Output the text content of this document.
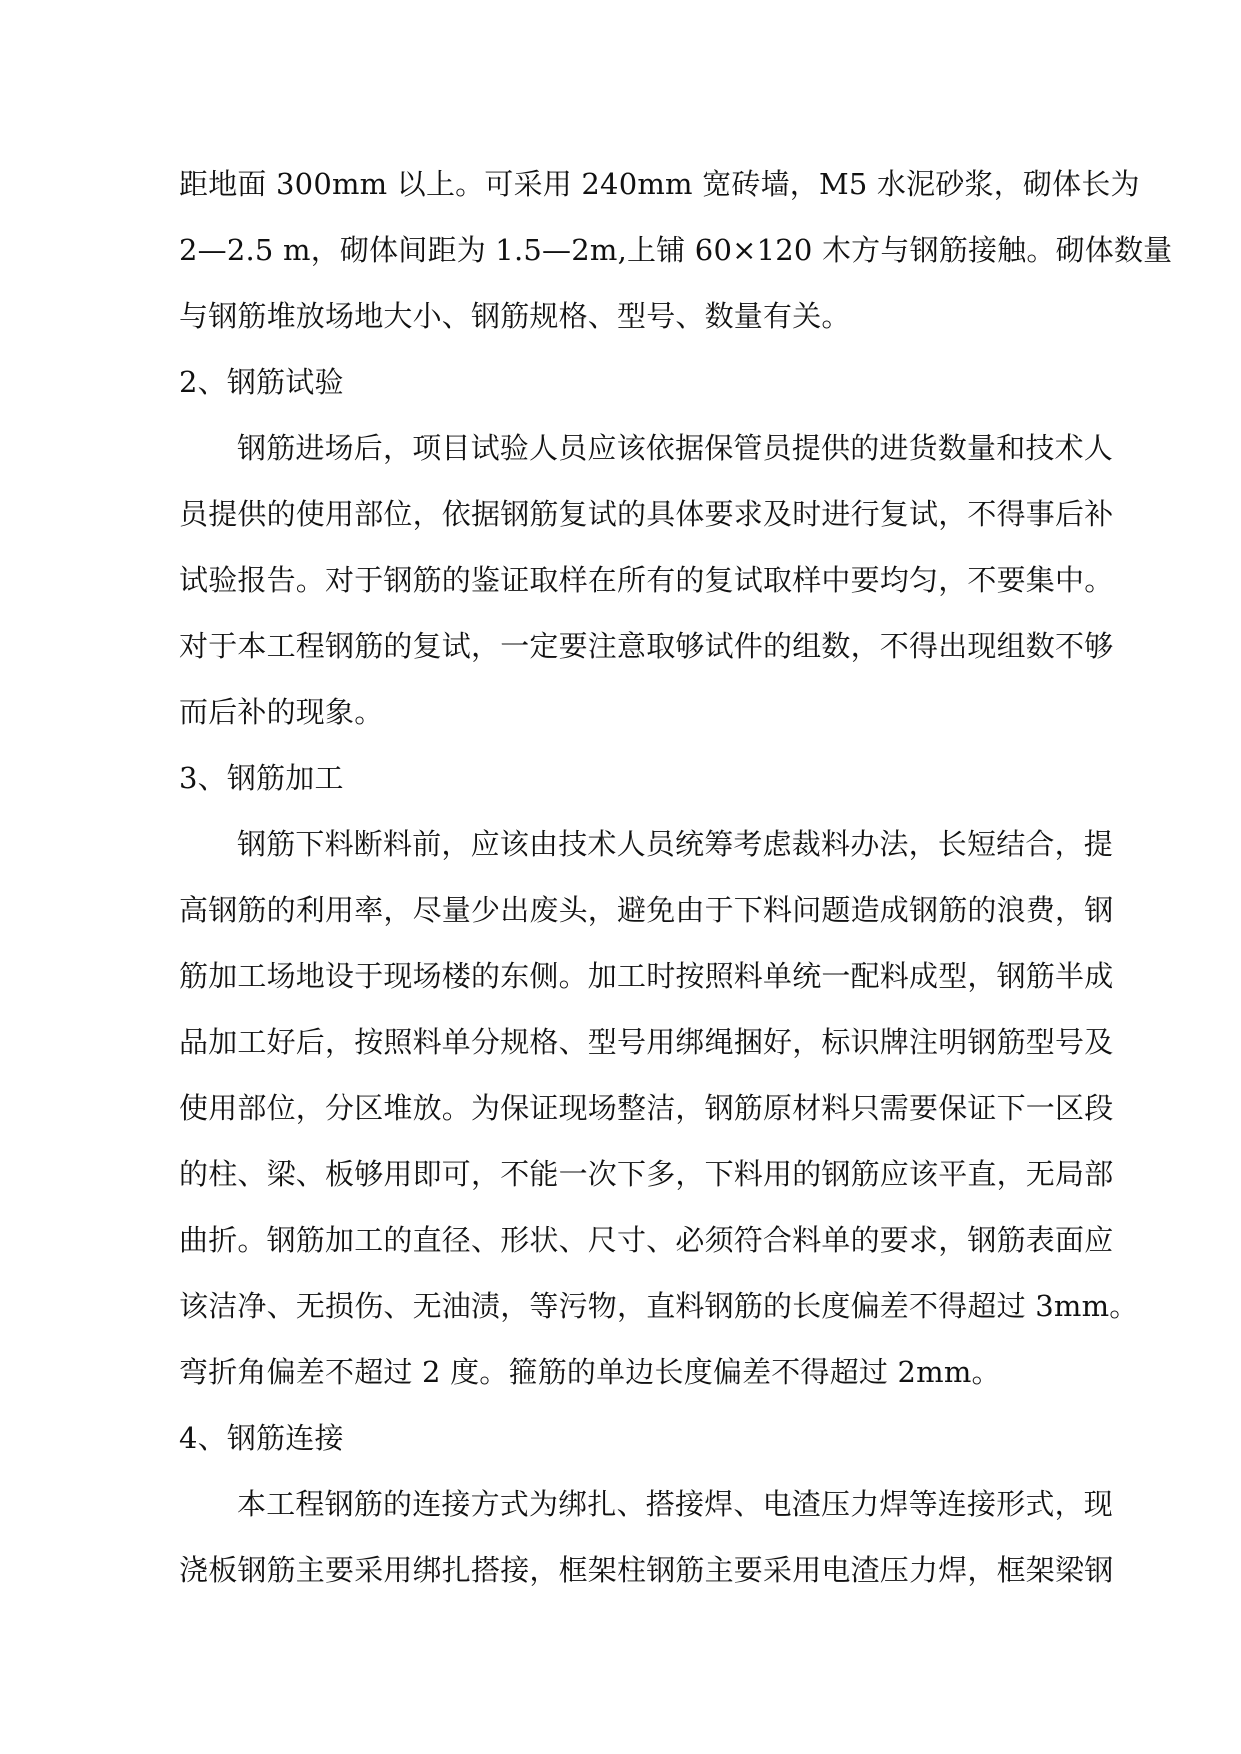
距地面 300mm 以上。可采用 240mm 宽砖墙，M5 水泥砂浆，砌体长为
2—2.5 m，砌体间距为 1.5—2m,上铺 60×120 木方与钢筋接触。砌体数量
与钢筋堆放场地大小、钢筋规格、型号、数量有关。
2、钢筋试验
钢筋进场后，项目试验人员应该依据保管员提供的进货数量和技术人
员提供的使用部位，依据钢筋复试的具体要求及时进行复试，不得事后补
试验报告。对于钢筋的鉴证取样在所有的复试取样中要均匀，不要集中。
对于本工程钢筋的复试，一定要注意取够试件的组数，不得出现组数不够
而后补的现象。
3、钢筋加工
钢筋下料断料前，应该由技术人员统筹考虑裁料办法，长短结合，提
高钢筋的利用率，尽量少出废头，避免由于下料问题造成钢筋的浪费，钢
筋加工场地设于现场楼的东侧。加工时按照料单统一配料成型，钢筋半成
品加工好后，按照料单分规格、型号用绑绳捆好，标识牌注明钢筋型号及
使用部位，分区堆放。为保证现场整洁，钢筋原材料只需要保证下一区段
的柱、梁、板够用即可，不能一次下多，下料用的钢筋应该平直，无局部
曲折。钢筋加工的直径、形状、尺寸、必须符合料单的要求，钢筋表面应
该洁净、无损伤、无油渍，等污物，直料钢筋的长度偏差不得超过 3mm。
弯折角偏差不超过 2 度。箍筋的单边长度偏差不得超过 2mm。
4、钢筋连接
本工程钢筋的连接方式为绑扎、搭接焊、电渣压力焊等连接形式，现
浇板钢筋主要采用绑扎搭接，框架柱钢筋主要采用电渣压力焊，框架梁钢
